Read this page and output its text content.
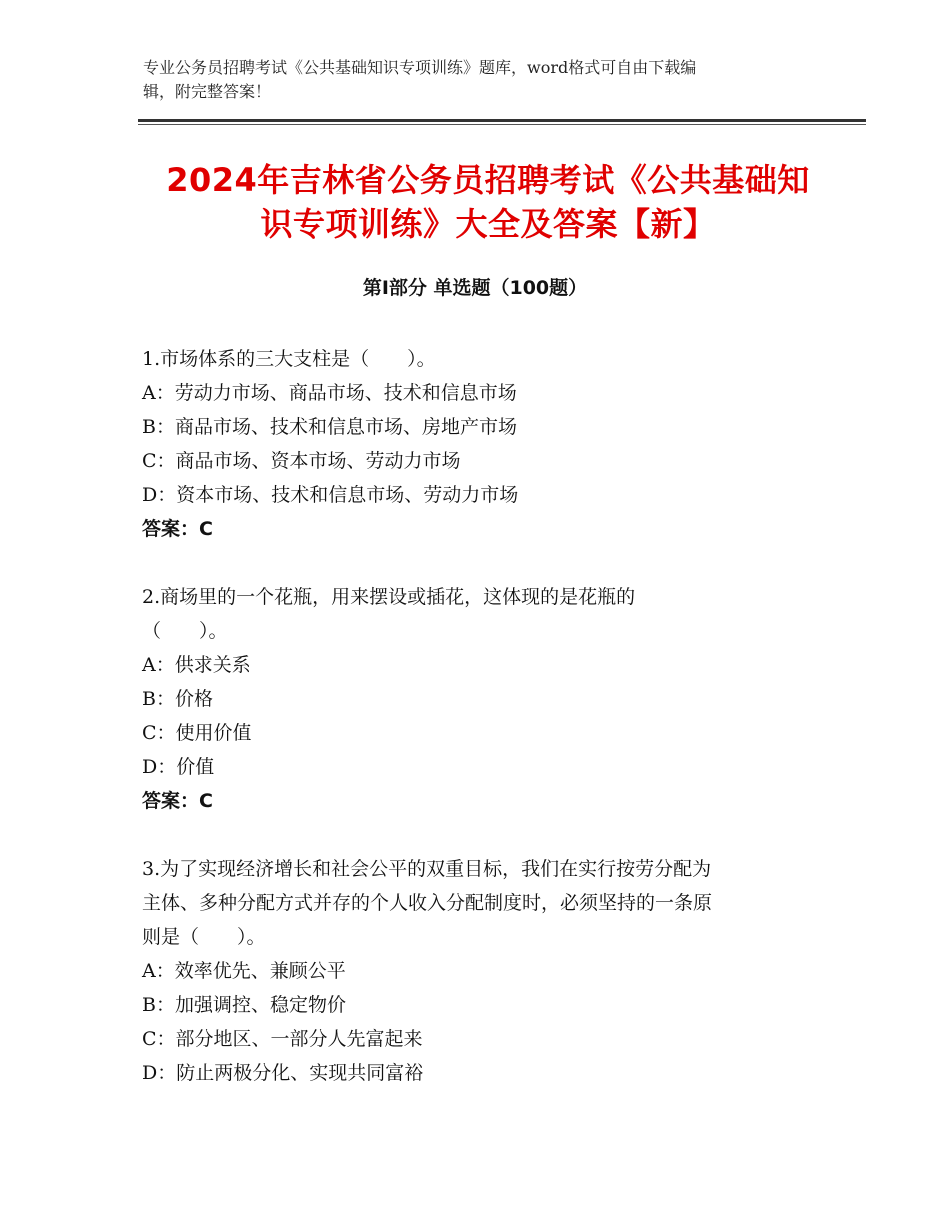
专业公务员招聘考试《公共基础知识专项训练》题库，word格式可自由下载编
辑，附完整答案！
2024年吉林省公务员招聘考试《公共基础知
识专项训练》大全及答案【新】
第Ⅰ部分 单选题（100题）
1.市场体系的三大支柱是（　　）。
A：劳动力市场、商品市场、技术和信息市场
B：商品市场、技术和信息市场、房地产市场
C：商品市场、资本市场、劳动力市场
D：资本市场、技术和信息市场、劳动力市场
答案：C
2.商场里的一个花瓶，用来摆设或插花，这体现的是花瓶的
（　　）。
A：供求关系
B：价格
C：使用价值
D：价值
答案：C
3.为了实现经济增长和社会公平的双重目标，我们在实行按劳分配为
主体、多种分配方式并存的个人收入分配制度时，必须坚持的一条原
则是（　　）。
A：效率优先、兼顾公平
B：加强调控、稳定物价
C：部分地区、一部分人先富起来
D：防止两极分化、实现共同富裕
